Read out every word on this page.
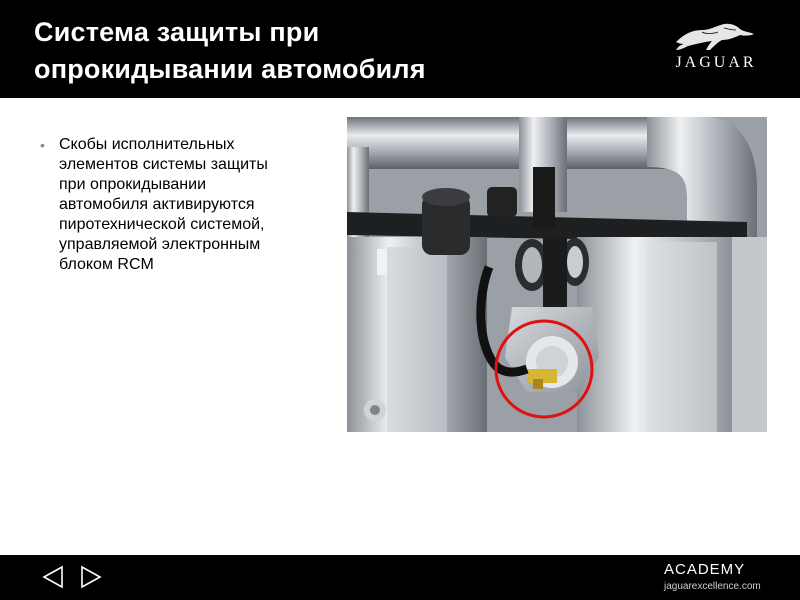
Система защиты при
опрокидывании автомобиля	JAGUAR
• Скобы исполнительных
элементов системы защиты
при опрокидывании
автомобиля активируются
пиротехнической системой,
управляемой электронным
блоком RCM
ACADEMY
jaguarexcellence.com
